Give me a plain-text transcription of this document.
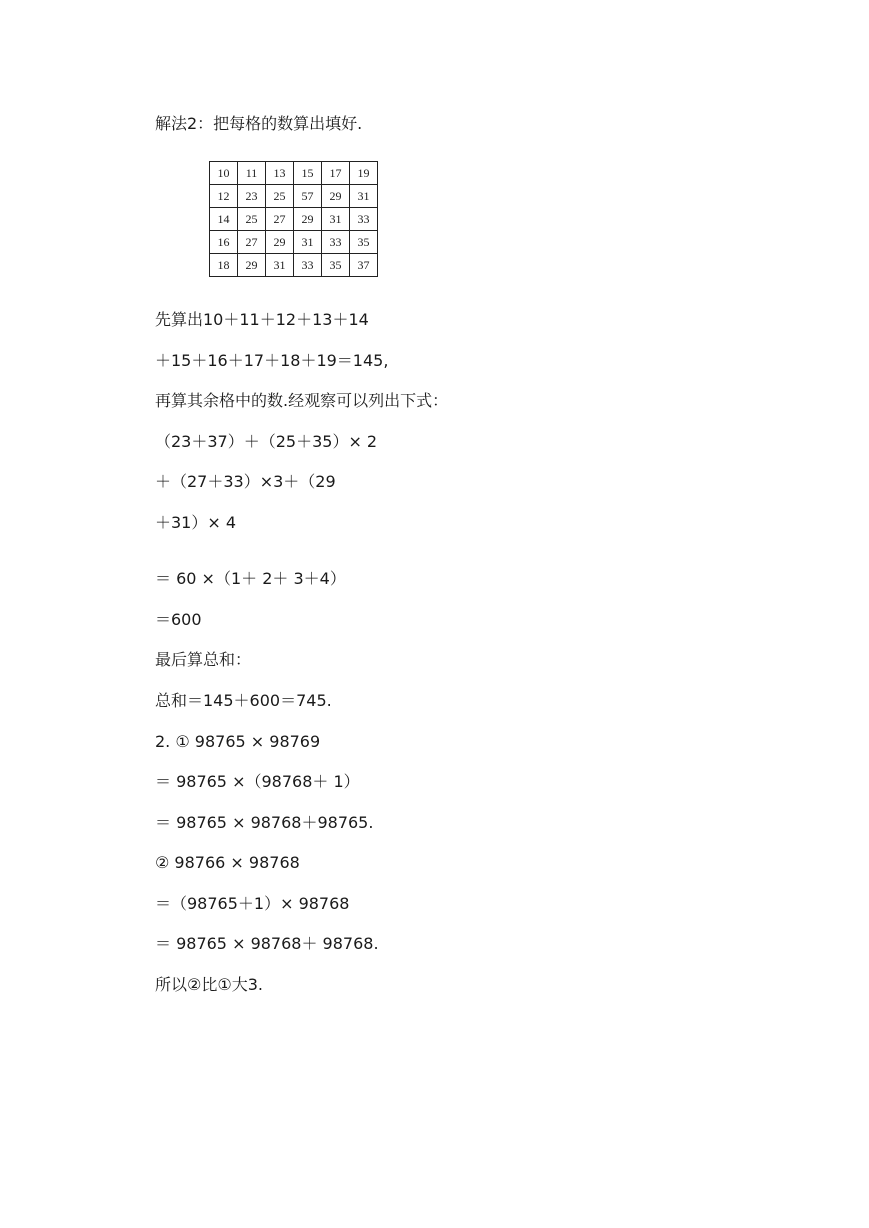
解法2：把每格的数算出填好.
10	11	13	15	17	19
12	23	25	57	29	31
14	25	27	29	31	33
16	27	29	31	33	35
18	29	31	33	35	37
先算出10＋11＋12＋13＋14
＋15＋16＋17＋18＋19＝145,
再算其余格中的数.经观察可以列出下式：
（23＋37）＋（25＋35）× 2
＋（27＋33）×3＋（29
＋31）× 4
＝ 60 ×（1＋ 2＋ 3＋4）
＝600
最后算总和：
总和＝145＋600＝745.
2. ① 98765 × 98769
＝ 98765 ×（98768＋ 1）
＝ 98765 × 98768＋98765.
② 98766 × 98768
＝（98765＋1）× 98768
＝ 98765 × 98768＋ 98768.
所以②比①大3.
